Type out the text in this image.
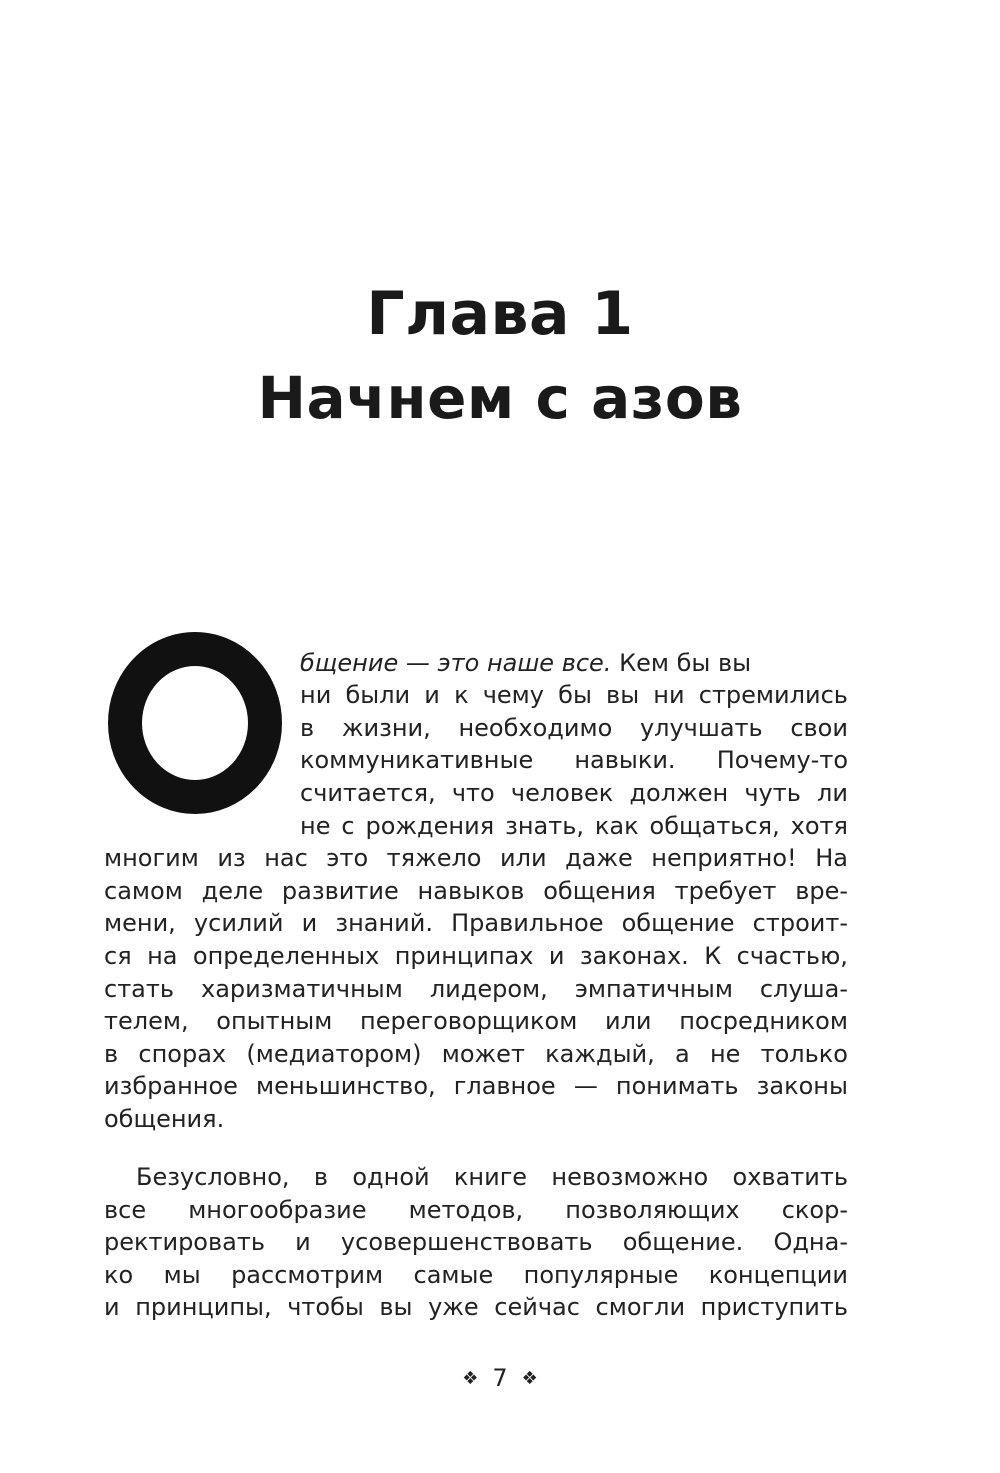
Глава 1
Начнем с азов
бщение — это наше все. Кем бы вы
ни были и к чему бы вы ни стремились
в жизни, необходимо улучшать свои
коммуникативные навыки. Почему-то
считается, что человек должен чуть ли
не с рождения знать, как общаться, хотя
многим из нас это тяжело или даже неприятно! На
самом деле развитие навыков общения требует вре-
мени, усилий и знаний. Правильное общение строит-
ся на определенных принципах и законах. К счастью,
стать харизматичным лидером, эмпатичным слуша-
телем, опытным переговорщиком или посредником
в спорах (медиатором) может каждый, а не только
избранное меньшинство, главное — понимать законы
общения.
Безусловно, в одной книге невозможно охватить
все многообразие методов, позволяющих скор-
ректировать и усовершенствовать общение. Одна-
ко мы рассмотрим самые популярные концепции
и принципы, чтобы вы уже сейчас смогли приступить
❖ 7 ❖
